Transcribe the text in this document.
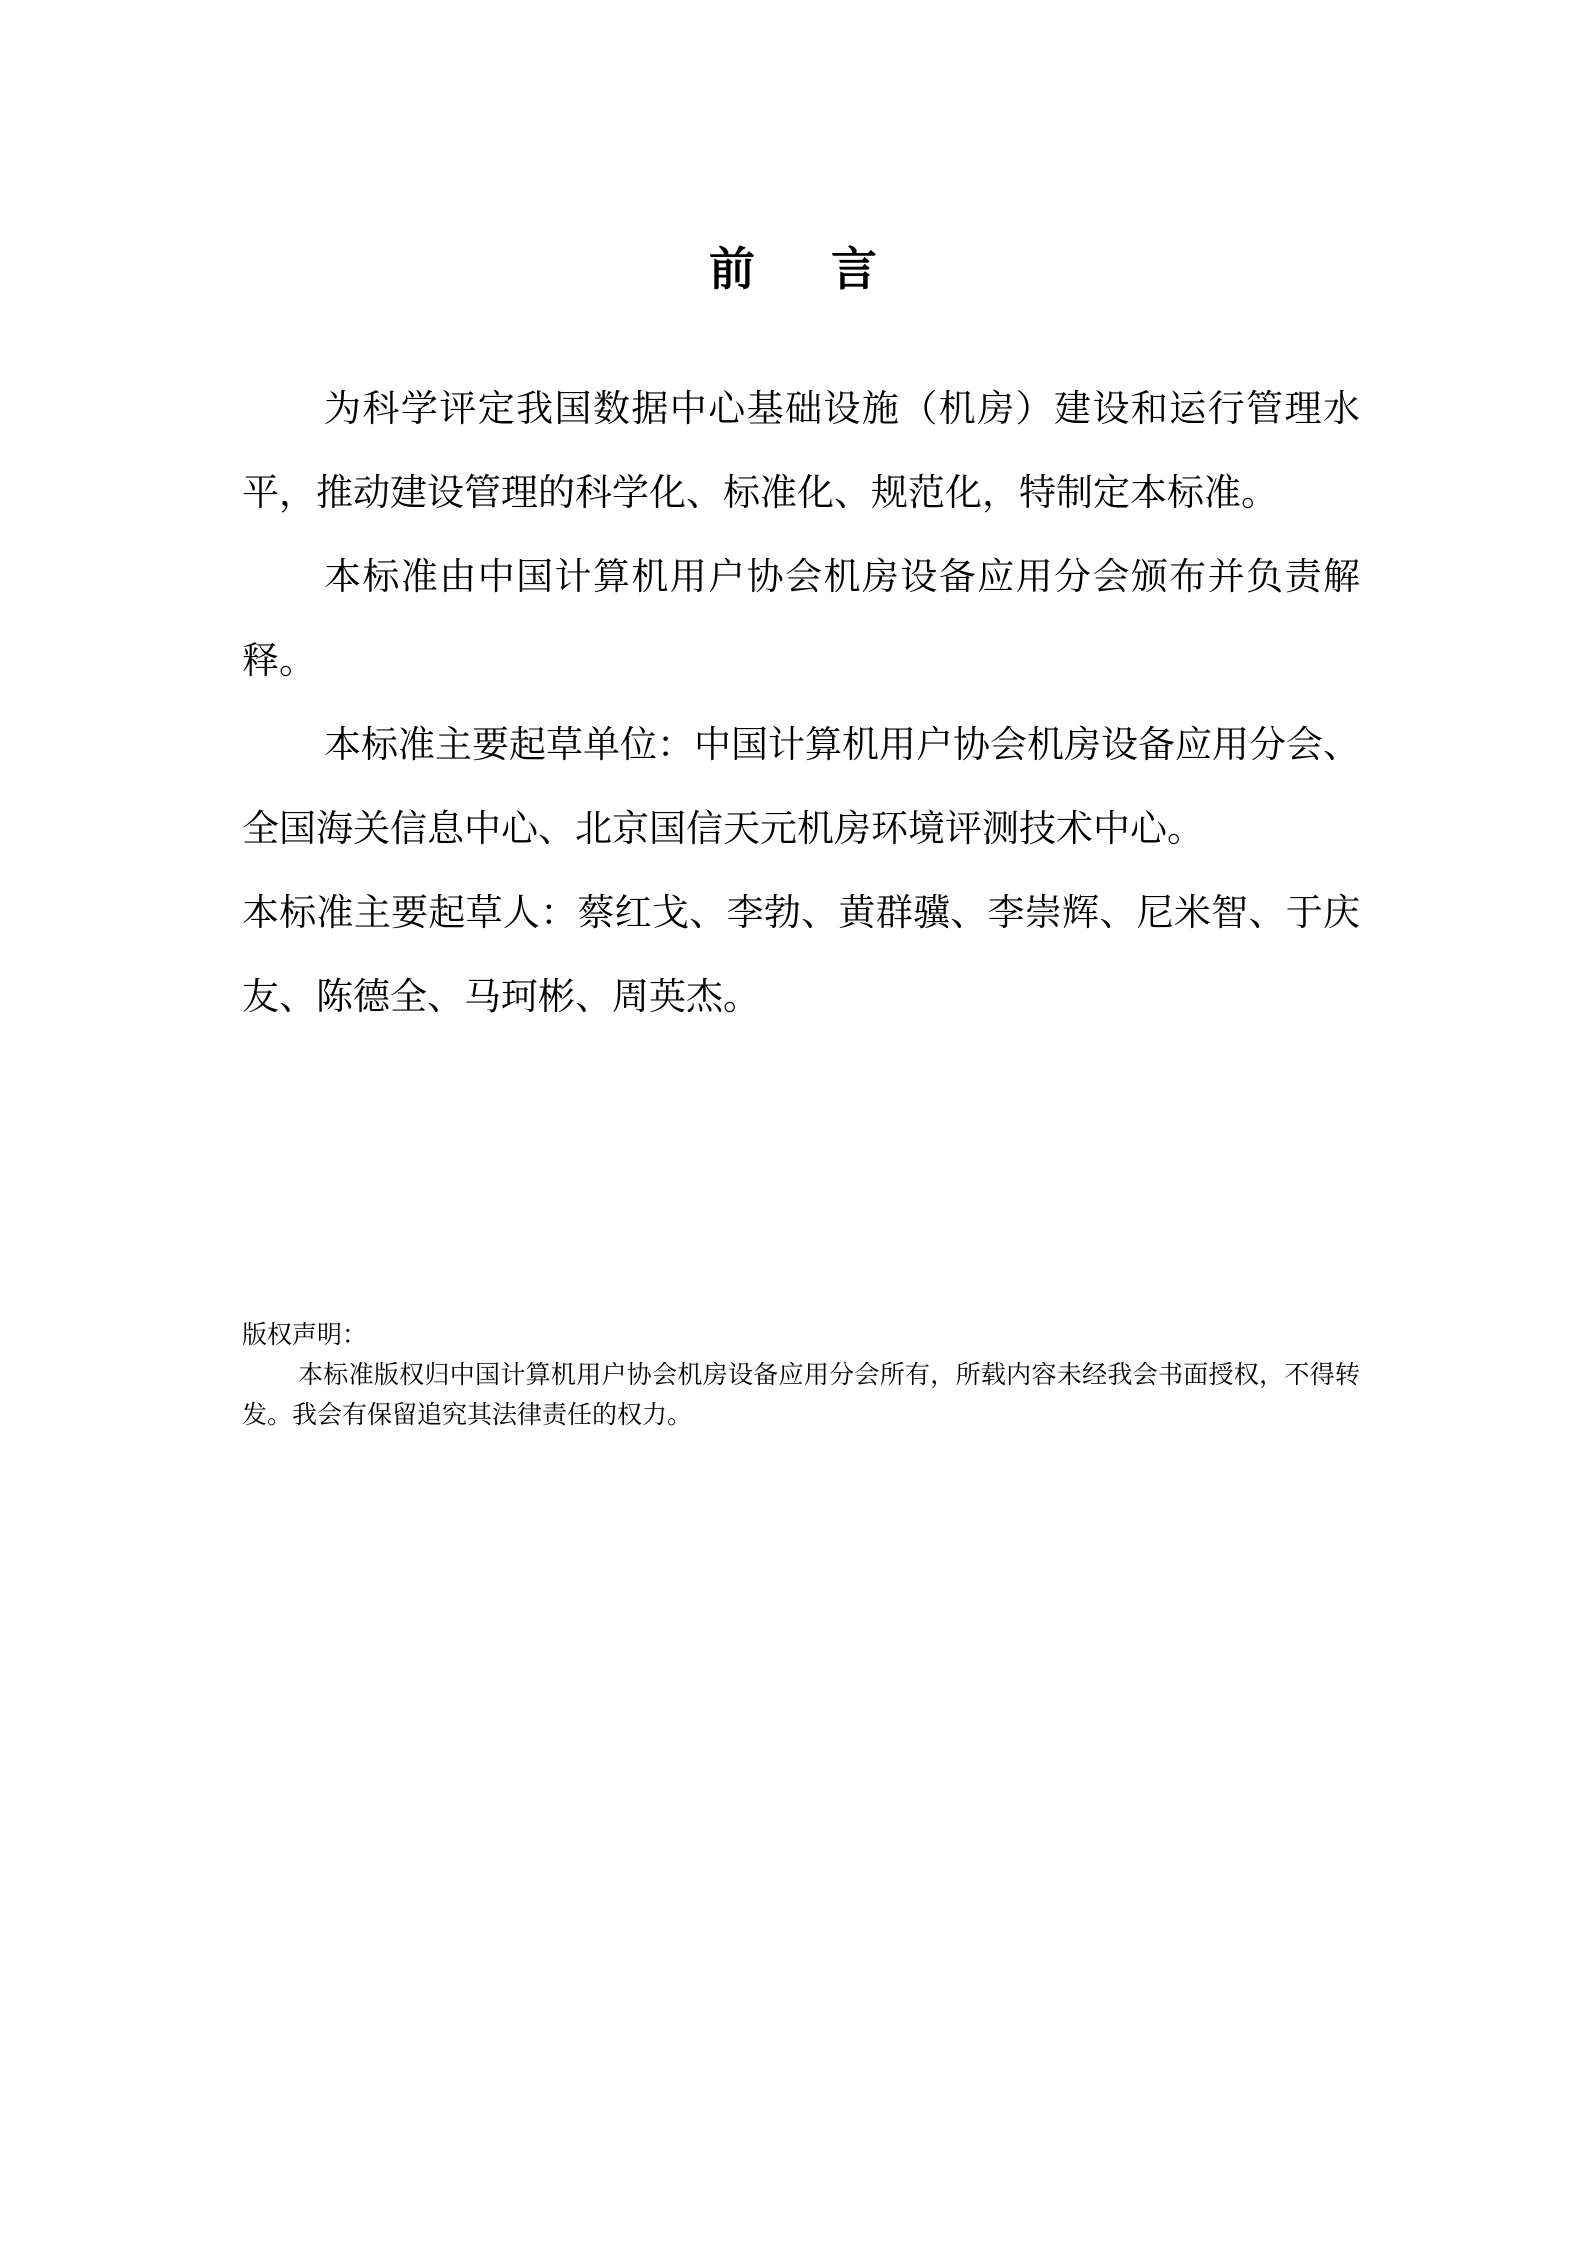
前言

为科学评定我国数据中心基础设施（机房）建设和运行管理水平，推动建设管理的科学化、标准化、规范化，特制定本标准。

本标准由中国计算机用户协会机房设备应用分会颁布并负责解释。

本标准主要起草单位：中国计算机用户协会机房设备应用分会、全国海关信息中心、北京国信天元机房环境评测技术中心。

本标准主要起草人：蔡红戈、李勃、黄群骥、李崇辉、尼米智、于庆友、陈德全、马珂彬、周英杰。

版权声明：

本标准版权归中国计算机用户协会机房设备应用分会所有，所载内容未经我会书面授权，不得转发。我会有保留追究其法律责任的权力。
